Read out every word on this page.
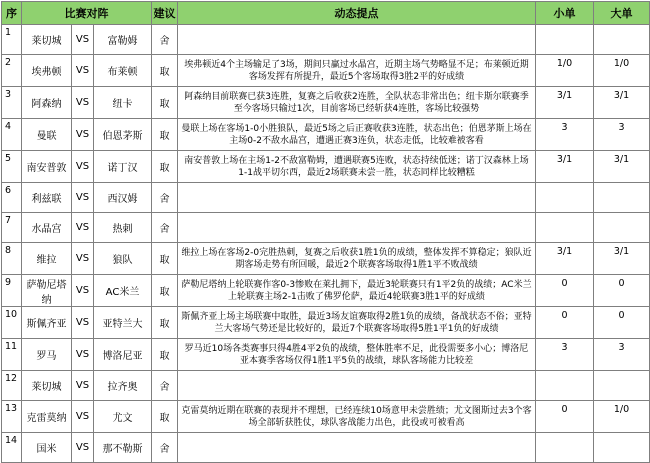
序	比赛对阵			建议	动态提点	小单	大单
1	莱切城	VS	富勒姆	舍			
2	埃弗顿	VS	布莱顿	取	埃弗顿近4个主场输足了3场，期间只赢过水晶宫，近期主场气势略显不足；布莱顿近期客场发挥有所提升，最近5个客场取得3胜2平的好成绩	1/0	1/0
3	阿森纳	VS	纽卡	取	阿森纳目前联赛已获3连胜，复赛之后收获2连胜，全队状态非常出色；纽卡斯尔联赛季至今客场只输过1次，目前客场已经斩获4连胜，客场比较强势	3/1	3/1
4	曼联	VS	伯恩茅斯	取	曼联上场在客场1-0小胜狼队，最近5场之后正赛收获3连胜，状态出色；伯恩茅斯上场在主场0-2不敌水晶宫，遭遇正赛3连负，状态走低，比较难被客看	3	3
5	南安普敦	VS	诺丁汉	取	南安普敦上场在主场1-2不敌富勒姆，遭遇联赛5连败，状态持续低迷；诺丁汉森林上场1-1战平切尔西，最近2场联赛未尝一胜，状态同样比较糟糕	3/1	3/1
6	利兹联	VS	西汉姆	舍			
7	水晶宫	VS	热刺	舍			
8	维拉	VS	狼队	取	维拉上场在客场2-0完胜热刺，复赛之后收获1胜1负的成绩，整体发挥不算稳定；狼队近期客场走势有所回暖，最近2个联赛客场取得1胜1平不败战绩	3/1	3/1
9	萨勒尼塔纳	VS	AC米兰	取	萨勒尼塔纳上轮联赛作客0-3惨败在莱扎拥下，最近3轮联赛只有1平2负的战绩；AC米兰上轮联赛主场2-1击败了佛罗伦萨，最近4轮联赛3胜1平的好成绩	0	0
10	斯佩齐亚	VS	亚特兰大	取	斯佩齐亚上场主场联赛中取胜，最近3场友谊赛取得2胜1负的成绩，备战状态不俗；亚特兰大客场气势还是比较好的，最近7个联赛客场取得5胜1平1负的好成绩	0	0
11	罗马	VS	博洛尼亚	取	罗马近10场各类赛事只得4胜4平2负的战绩，整体胜率不足，此役需要多小心；博洛尼亚本赛季客场仅得1胜1平5负的战绩，球队客场能力比较差	3	3
12	莱切城	VS	拉齐奥	舍			
13	克雷莫纳	VS	尤文	取	克雷莫纳近期在联赛的表现并不理想，已经连续10场意甲未尝胜绩；尤文图斯过去3个客场全部斩获胜仗，球队客战能力出色，此役或可被看高	0	1/0
14	国米	VS	那不勒斯	舍			
